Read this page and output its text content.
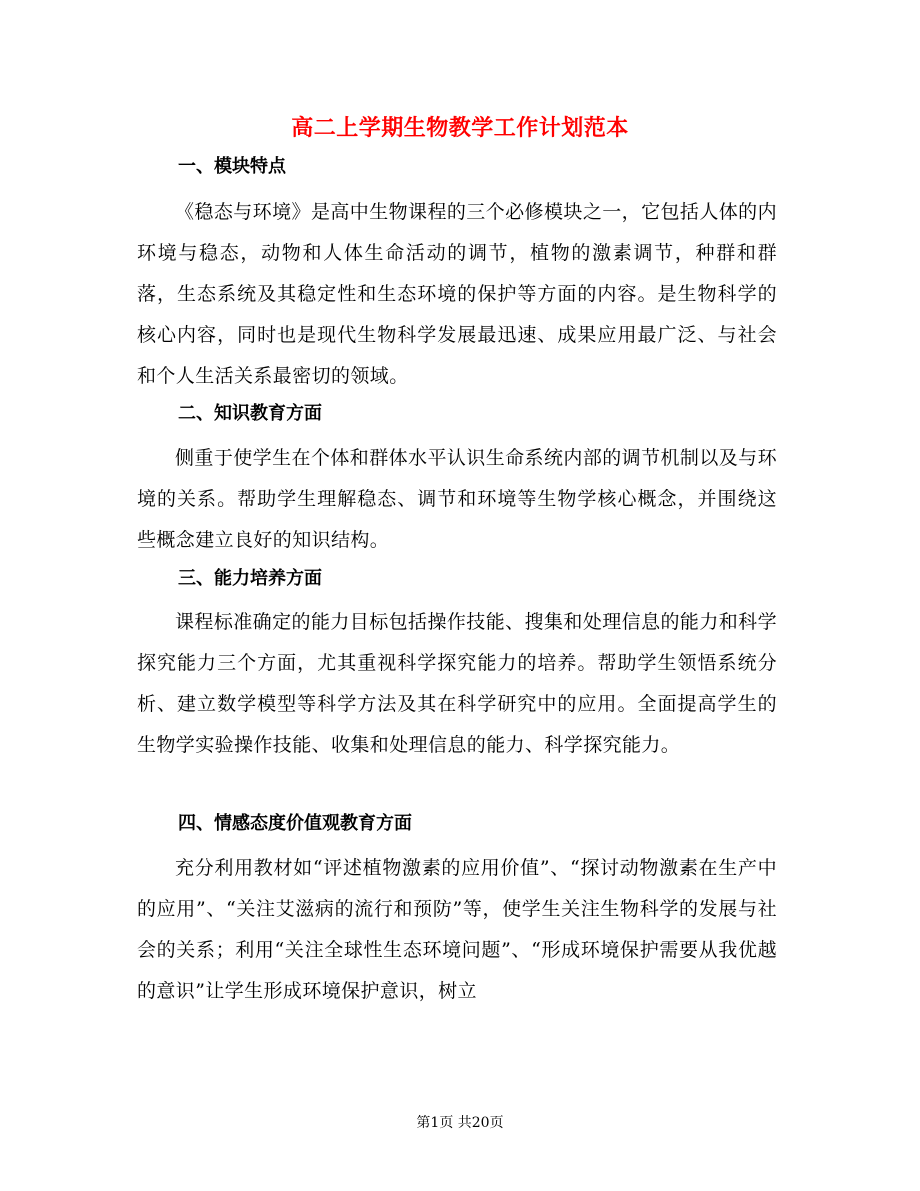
高二上学期生物教学工作计划范本
一、模块特点
《稳态与环境》是高中生物课程的三个必修模块之一，它包括人体的内环境与稳态，动物和人体生命活动的调节，植物的激素调节，种群和群落，生态系统及其稳定性和生态环境的保护等方面的内容。是生物科学的核心内容，同时也是现代生物科学发展最迅速、成果应用最广泛、与社会和个人生活关系最密切的领域。
二、知识教育方面
侧重于使学生在个体和群体水平认识生命系统内部的调节机制以及与环境的关系。帮助学生理解稳态、调节和环境等生物学核心概念，并围绕这些概念建立良好的知识结构。
三、能力培养方面
课程标准确定的能力目标包括操作技能、搜集和处理信息的能力和科学探究能力三个方面，尤其重视科学探究能力的培养。帮助学生领悟系统分析、建立数学模型等科学方法及其在科学研究中的应用。全面提高学生的生物学实验操作技能、收集和处理信息的能力、科学探究能力。
四、情感态度价值观教育方面
充分利用教材如“评述植物激素的应用价值”、“探讨动物激素在生产中的应用”、“关注艾滋病的流行和预防”等，使学生关注生物科学的发展与社会的关系；利用“关注全球性生态环境问题”、“形成环境保护需要从我优越的意识”让学生形成环境保护意识，树立
第1页 共20页
